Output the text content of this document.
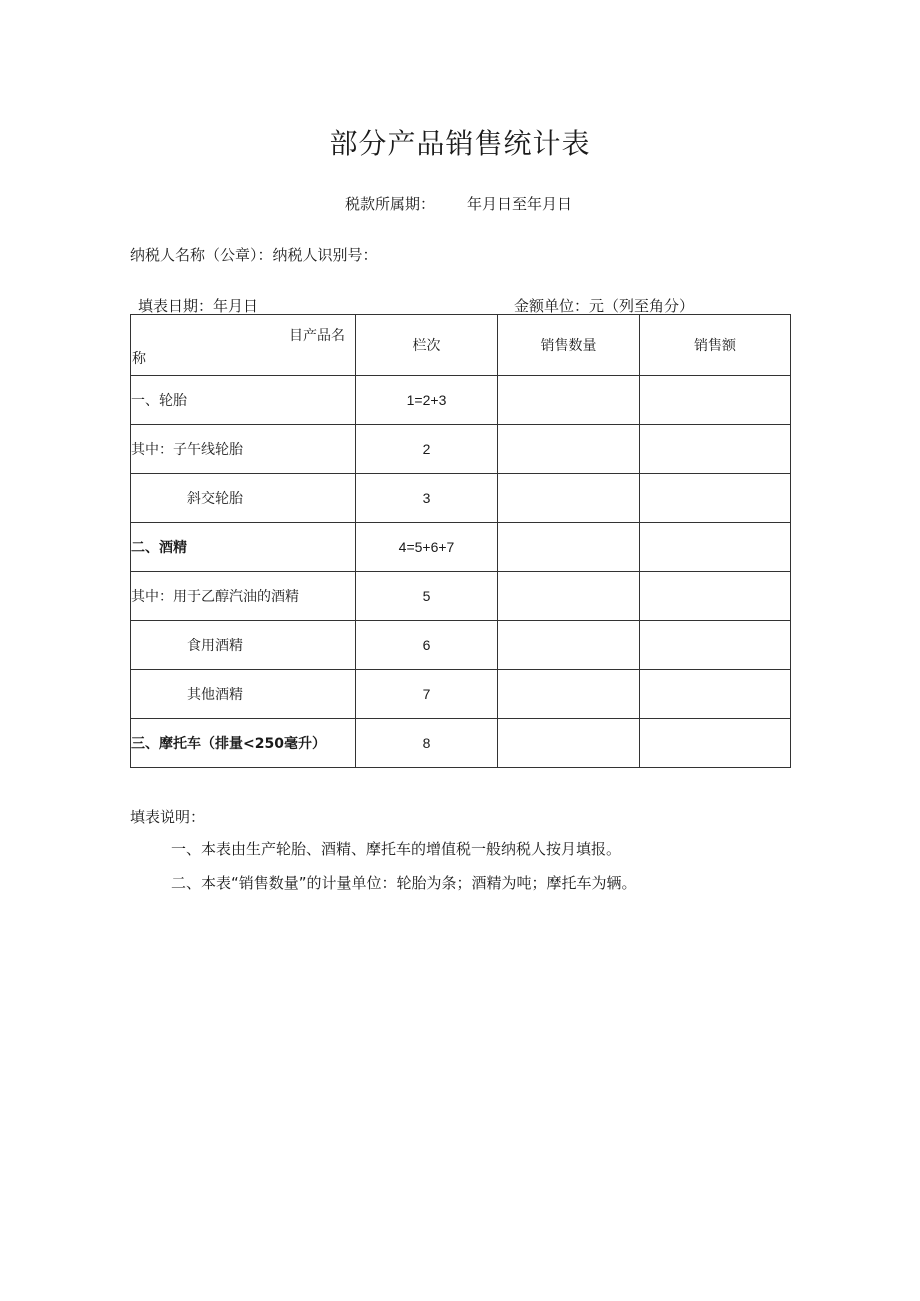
部分产品销售统计表
税款所属期： 年月日至年月日
纳税人名称（公章）：纳税人识别号：
填表日期：年月日	金额单位：元（列至角分）
目产品名
称	栏次	销售数量	销售额
一、轮胎	1=2+3		
其中：子午线轮胎	2		
斜交轮胎	3		
二、酒精	4=5+6+7		
其中：用于乙醇汽油的酒精	5		
食用酒精	6		
其他酒精	7		
三、摩托车（排量<250毫升）	8		
填表说明：
一、本表由生产轮胎、酒精、摩托车的增值税一般纳税人按月填报。
二、本表“销售数量”的计量单位：轮胎为条；酒精为吨；摩托车为辆。
